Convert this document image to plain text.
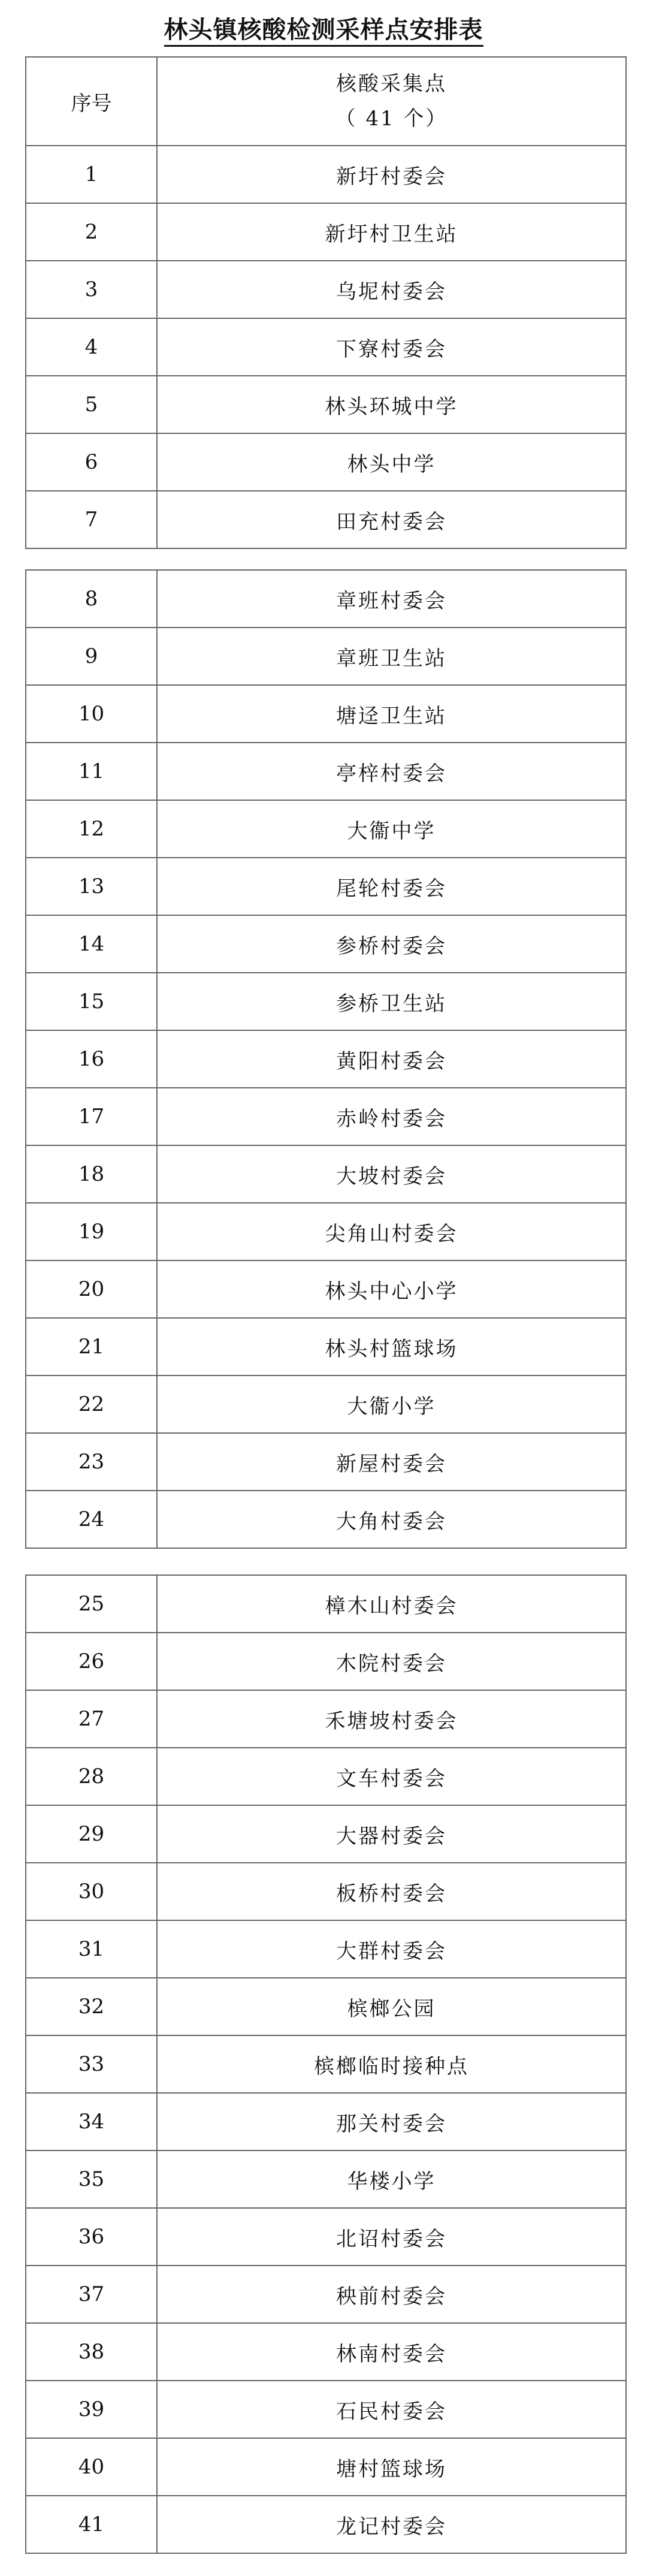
林头镇核酸检测采样点安排表
序号	核酸采集点
（ 41 个）

1	新圩村委会
2	新圩村卫生站
3	乌坭村委会
4	下寮村委会
5	林头环城中学
6	林头中学
7	田充村委会
8	章班村委会
9	章班卫生站
10	塘迳卫生站
11	亭梓村委会
12	大衞中学
13	尾轮村委会
14	参桥村委会
15	参桥卫生站
16	黄阳村委会
17	赤岭村委会
18	大坡村委会
19	尖角山村委会
20	林头中心小学
21	林头村篮球场
22	大衞小学
23	新屋村委会
24	大角村委会
25	樟木山村委会
26	木院村委会
27	禾塘坡村委会
28	文车村委会
29	大器村委会
30	板桥村委会
31	大群村委会
32	槟榔公园
33	槟榔临时接种点
34	那关村委会
35	华楼小学
36	北诏村委会
37	秧前村委会
38	林南村委会
39	石民村委会
40	塘村篮球场
41	龙记村委会
